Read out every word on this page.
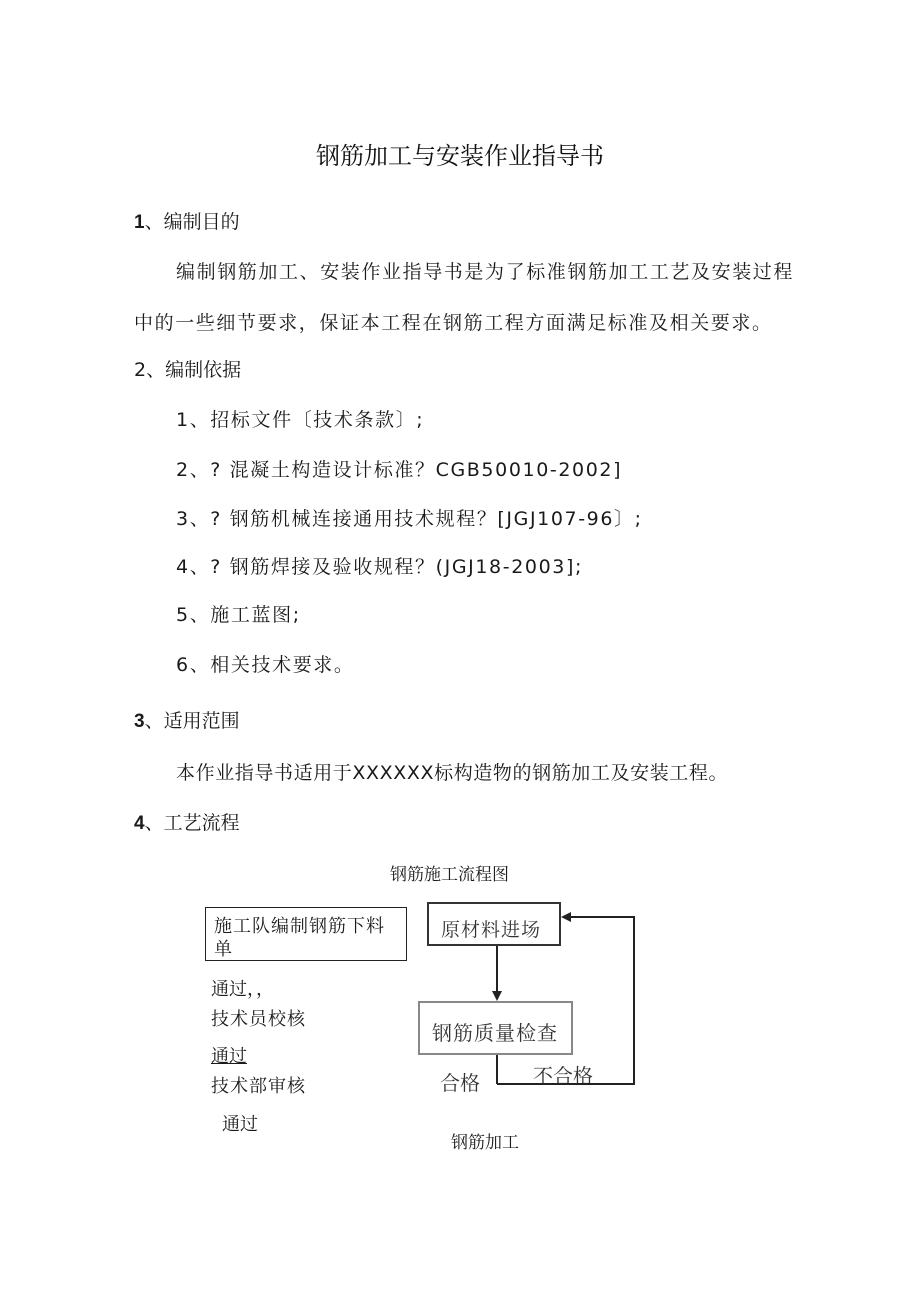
钢筋加工与安装作业指导书
1、编制目的
编制钢筋加工、安装作业指导书是为了标准钢筋加工工艺及安装过程
中的一些细节要求，保证本工程在钢筋工程方面满足标准及相关要求。
2、编制依据
1、招标文件〔技术条款〕;
2、? 混凝土构造设计标准？CGB50010-2002]
3、? 钢筋机械连接通用技术规程？[JGJ107-96〕;
4、? 钢筋焊接及验收规程？(JGJ18-2003];
5、施工蓝图;
6、相关技术要求。
3、适用范围
本作业指导书适用于XXXXXX标构造物的钢筋加工及安装工程。
4、工艺流程
钢筋施工流程图
施工队编制钢筋下料
单
通过，，
技术员校核
通过
技术部审核
通过
原材料进场
钢筋质量检查
合格	不合格
钢筋加工
